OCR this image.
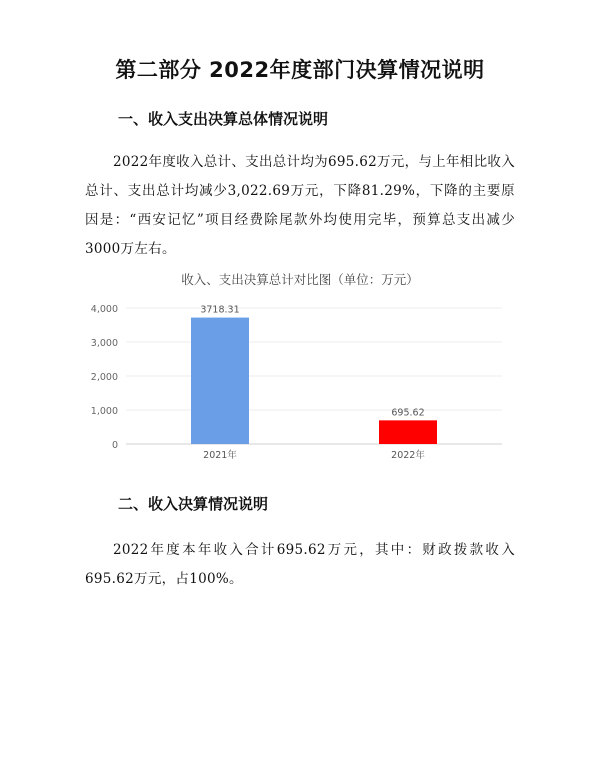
第二部分 2022年度部门决算情况说明
一、收入支出决算总体情况说明
2022年度收入总计、支出总计均为695.62万元，与上年相比收入总计、支出总计均减少3,022.69万元，下降81.29%，下降的主要原因是：“西安记忆”项目经费除尾款外均使用完毕，预算总支出减少3000万左右。
收入、支出决算总计对比图（单位：万元）
0
1,000
2,000
3,000
4,000
2021年	2022年
3718.31
695.62
二、收入决算情况说明
2022年度本年收入合计695.62万元，其中：财政拨款收入695.62万元，占100%。
